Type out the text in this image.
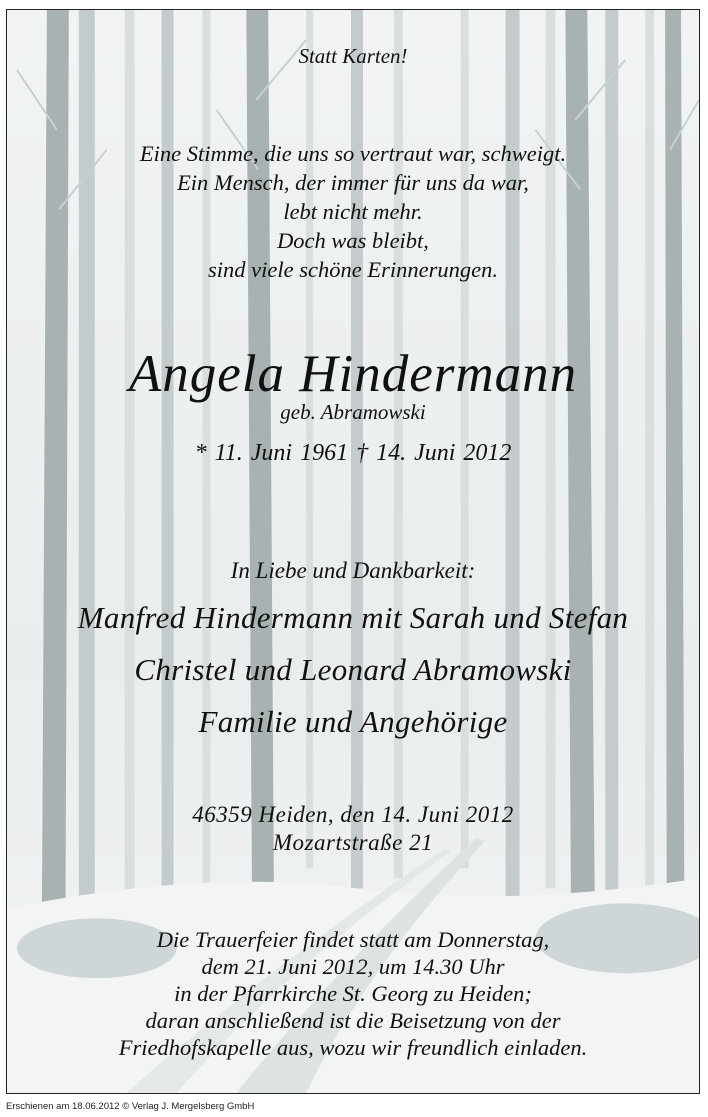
Statt Karten!
Eine Stimme, die uns so vertraut war, schweigt.
Ein Mensch, der immer für uns da war,
lebt nicht mehr.
Doch was bleibt,
sind viele schöne Erinnerungen.
Angela Hindermann
geb. Abramowski
* 11. Juni 1961 † 14. Juni 2012
In Liebe und Dankbarkeit:
Manfred Hindermann mit Sarah und Stefan
Christel und Leonard Abramowski
Familie und Angehörige
46359 Heiden, den 14. Juni 2012
Mozartstraße 21
Die Trauerfeier findet statt am Donnerstag,
dem 21. Juni 2012, um 14.30 Uhr
in der Pfarrkirche St. Georg zu Heiden;
daran anschließend ist die Beisetzung von der
Friedhofskapelle aus, wozu wir freundlich einladen.
Erschienen am 18.06.2012 © Verlag J. Mergelsberg GmbH
